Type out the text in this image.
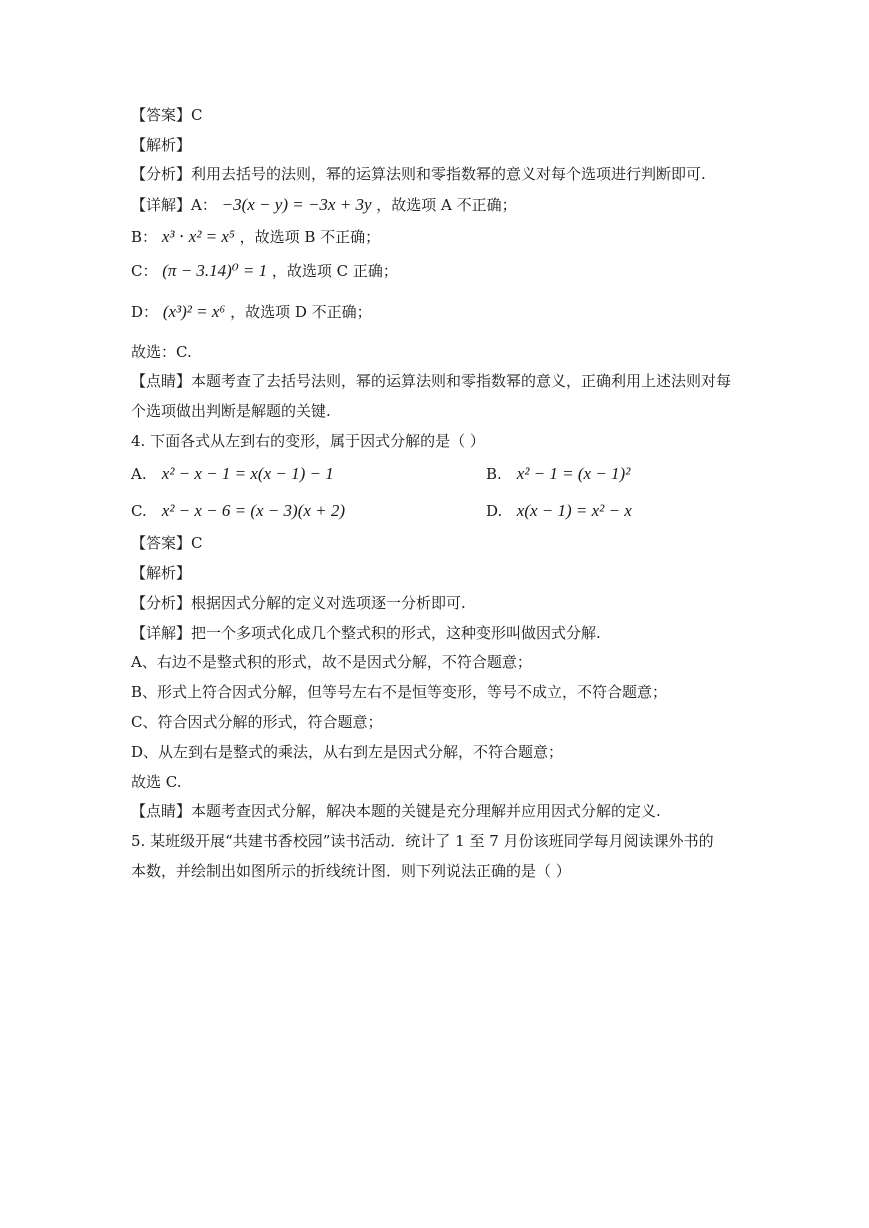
【答案】C
【解析】
【分析】利用去括号的法则，幂的运算法则和零指数幂的意义对每个选项进行判断即可.
【详解】A： −3(x − y) = −3x + 3y ，故选项 A 不正确；
B： x³ ⋅ x² = x⁵ ，故选项 B 不正确；
C： (π − 3.14)⁰ = 1 ，故选项 C 正确；
D： (x³)² = x⁶ ，故选项 D 不正确；
故选：C.
【点睛】本题考查了去括号法则，幂的运算法则和零指数幂的意义，正确利用上述法则对每
个选项做出判断是解题的关键.
4. 下面各式从左到右的变形，属于因式分解的是（ ）
A. x² − x − 1 = x(x − 1) − 1	B. x² − 1 = (x − 1)²
C. x² − x − 6 = (x − 3)(x + 2)	D. x(x − 1) = x² − x
【答案】C
【解析】
【分析】根据因式分解的定义对选项逐一分析即可.
【详解】把一个多项式化成几个整式积的形式，这种变形叫做因式分解.
A、右边不是整式积的形式，故不是因式分解，不符合题意；
B、形式上符合因式分解，但等号左右不是恒等变形，等号不成立，不符合题意；
C、符合因式分解的形式，符合题意；
D、从左到右是整式的乘法，从右到左是因式分解，不符合题意；
故选 C.
【点睛】本题考查因式分解，解决本题的关键是充分理解并应用因式分解的定义.
5. 某班级开展“共建书香校园”读书活动．统计了 1 至 7 月份该班同学每月阅读课外书的
本数，并绘制出如图所示的折线统计图．则下列说法正确的是（ ）
